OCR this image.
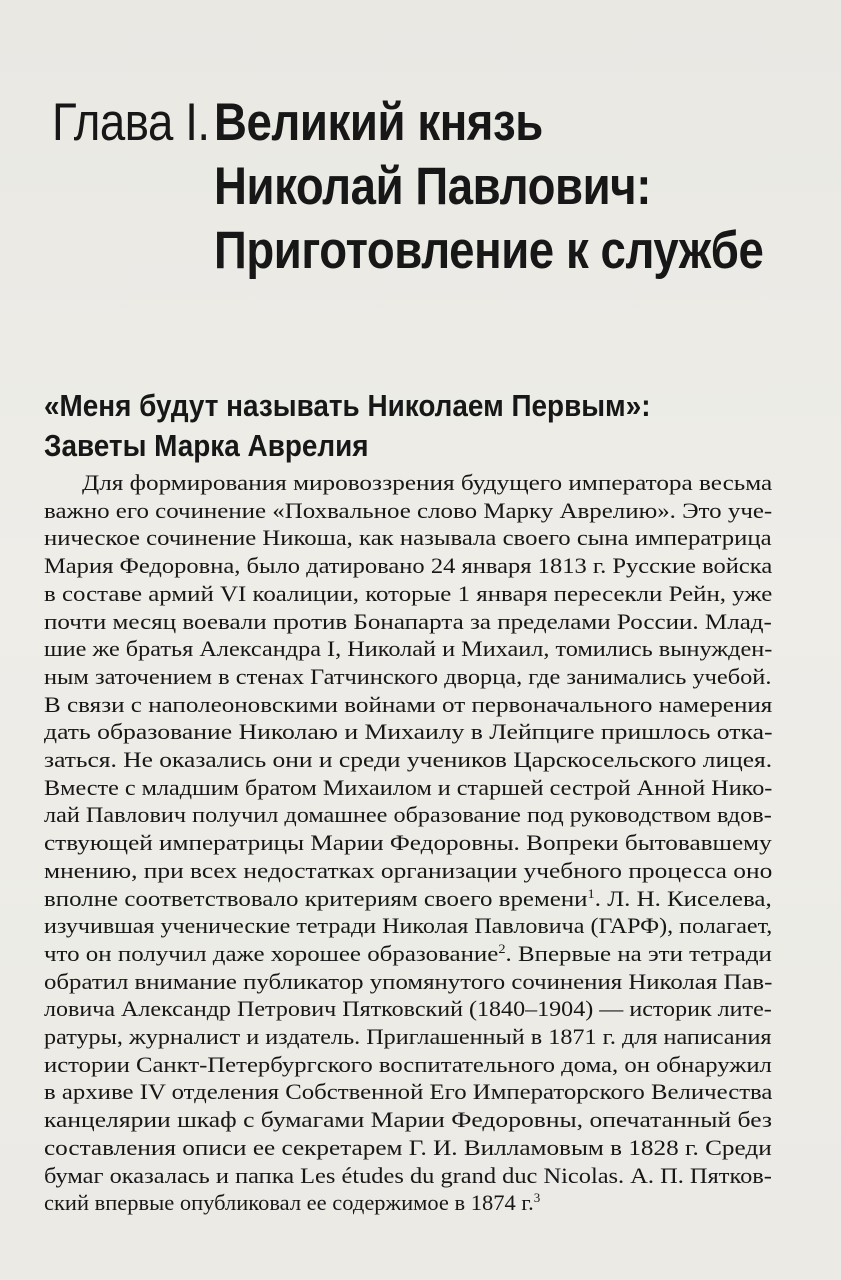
Глава I. Великий князь
Николай Павлович:
Приготовление к службе
«Меня будут называть Николаем Первым»:
Заветы Марка Аврелия
Для формирования мировоззрения будущего императора весьма
важно его сочинение «Похвальное слово Марку Аврелию». Это уче-
ническое сочинение Никоша, как называла своего сына императрица
Мария Федоровна, было датировано 24 января 1813 г. Русские войска
в составе армий VI коалиции, которые 1 января пересекли Рейн, уже
почти месяц воевали против Бонапарта за пределами России. Млад-
шие же братья Александра I, Николай и Михаил, томились вынужден-
ным заточением в стенах Гатчинского дворца, где занимались учебой.
В связи с наполеоновскими войнами от первоначального намерения
дать образование Николаю и Михаилу в Лейпциге пришлось отка-
заться. Не оказались они и среди учеников Царскосельского лицея.
Вместе с младшим братом Михаилом и старшей сестрой Анной Нико-
лай Павлович получил домашнее образование под руководством вдов-
ствующей императрицы Марии Федоровны. Вопреки бытовавшему
мнению, при всех недостатках организации учебного процесса оно
вполне соответствовало критериям своего времени$^1$. Л. Н. Киселева,
изучившая ученические тетради Николая Павловича (ГАРФ), полагает,
что он получил даже хорошее образование$^2$. Впервые на эти тетради
обратил внимание публикатор упомянутого сочинения Николая Пав-
ловича Александр Петрович Пятковский (1840–1904) — историк лите-
ратуры, журналист и издатель. Приглашенный в 1871 г. для написания
истории Санкт-Петербургского воспитательного дома, он обнаружил
в архиве IV отделения Собственной Его Императорского Величества
канцелярии шкаф с бумагами Марии Федоровны, опечатанный без
составления описи ее секретарем Г. И. Вилламовым в 1828 г. Среди
бумаг оказалась и папка Les études du grand duc Nicolas. А. П. Пятков-
ский впервые опубликовал ее содержимое в 1874 г.$^3$
